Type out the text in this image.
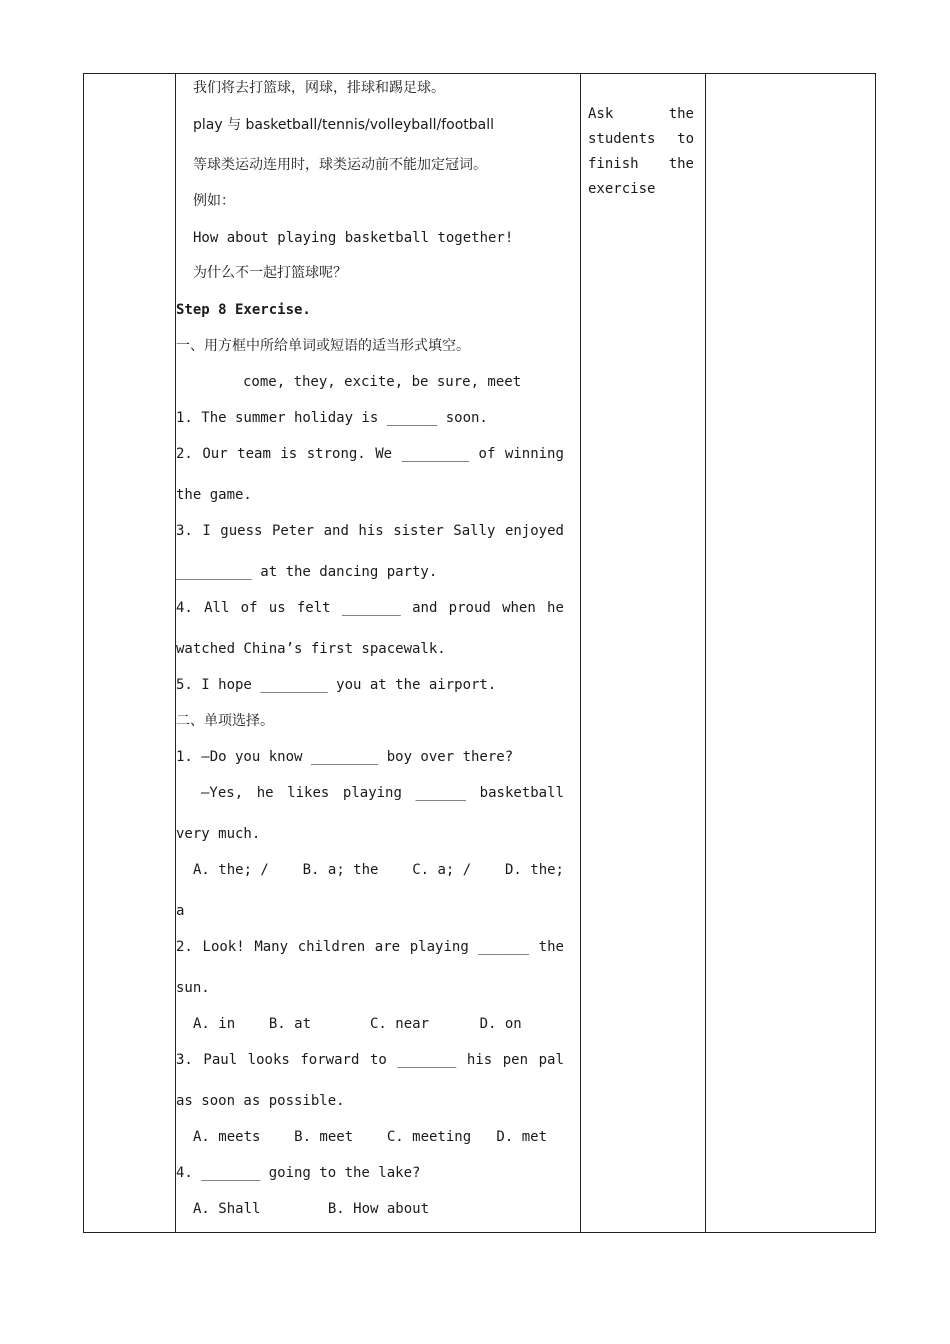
我们将去打篮球，网球，排球和踢足球。
play 与 basketball/tennis/volleyball/football
等球类运动连用时，球类运动前不能加定冠词。
例如：
How about playing basketball together!
为什么不一起打篮球呢？
Step 8 Exercise.
一、用方框中所给单词或短语的适当形式填空。
come, they, excite, be sure, meet
1. The summer holiday is ______ soon.
2. Our team is strong. We ________ of winning
the game.
3. I guess Peter and his sister Sally enjoyed
_________ at the dancing party.
4. All of us felt _______ and proud when he
watched China’s first spacewalk.
5. I hope ________ you at the airport.
二、单项选择。
1. —Do you know ________ boy over there?
—Yes, he likes playing ______ basketball
very much.
A. the; / B. a; the C. a; / D. the;
a
2. Look! Many children are playing ______ the
sun.
A. in    B. at       C. near      D. on
3. Paul looks forward to _______ his pen pal
as soon as possible.
A. meets    B. meet    C. meeting   D. met
4. _______ going to the lake?
A. Shall        B. How about
Ask	the
students to
finish the
exercise
